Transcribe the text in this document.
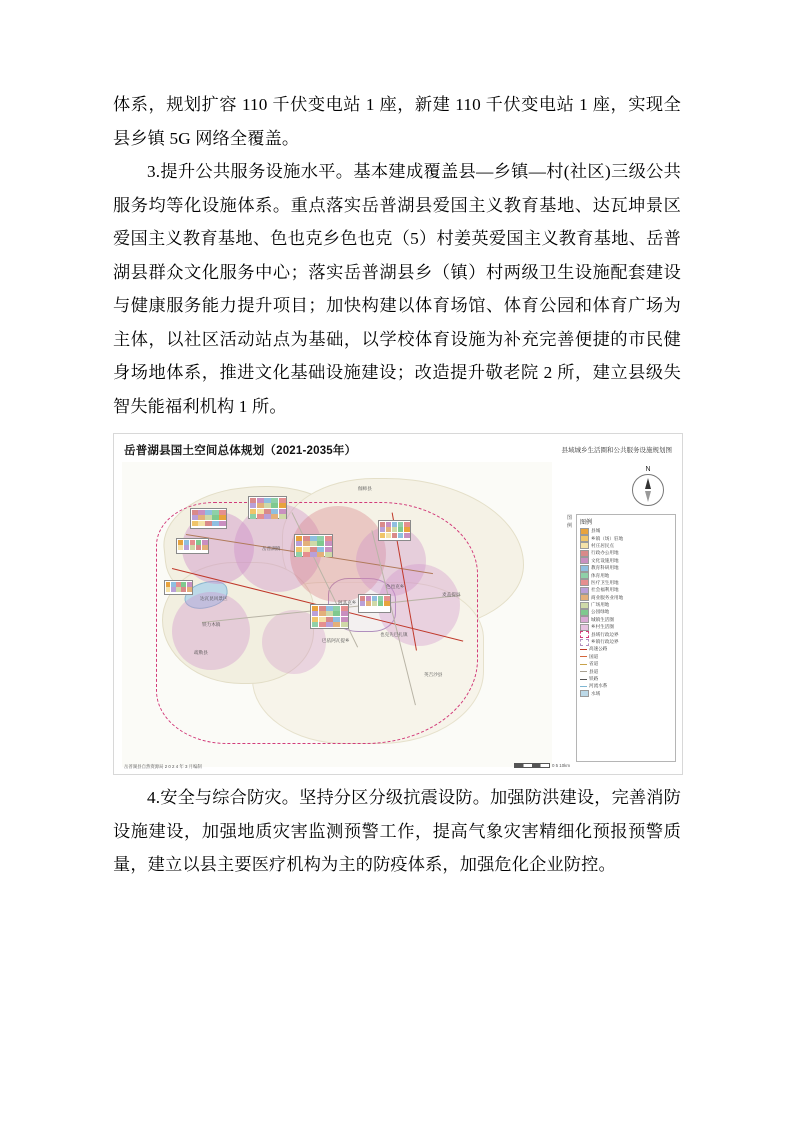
体系，规划扩容 110 千伏变电站 1 座，新建 110 千伏变电站 1 座，实现全县乡镇 5G 网络全覆盖。

3.提升公共服务设施水平。基本建成覆盖县—乡镇—村(社区)三级公共服务均等化设施体系。重点落实岳普湖县爱国主义教育基地、达瓦坤景区爱国主义教育基地、色也克乡色也克（5）村姜英爱国主义教育基地、岳普湖县群众文化服务中心；落实岳普湖县乡（镇）村两级卫生设施配套建设与健康服务能力提升项目；加快构建以体育场馆、体育公园和体育广场为主体，以社区活动站点为基础，以学校体育设施为补充完善便捷的市民健身场地体系，推进文化基础设施建设；改造提升敬老院 2 所，建立县级失智失能福利机构 1 所。

岳普湖县国土空间总体规划（2021-2035年）	县域城乡生活圈和公共服务设施规划图
伽师县
疏勒县
英吉沙县
麦盖提县
岳普湖镇
铁力木镇
阿其克乡
色也克乡
巴依阿瓦提乡
也克先巴扎镇
达瓦昆风景区
N
图例	图例
县城
乡镇（场）驻地
村庄居民点
行政办公用地
文化设施用地
教育科研用地
体育用地
医疗卫生用地
社会福利用地
商业服务业用地
广场用地
公园绿地
城镇生活圈
乡村生活圈
县域行政边界
乡镇行政边界
高速公路
国道
省道
县道
铁路
河流水系
水域
岳普湖县自然资源局 2 0 2 4 年 3 月编制	0 5 10km

4.安全与综合防灾。坚持分区分级抗震设防。加强防洪建设，完善消防设施建设，加强地质灾害监测预警工作，提高气象灾害精细化预报预警质量，建立以县主要医疗机构为主的防疫体系，加强危化企业防控。
